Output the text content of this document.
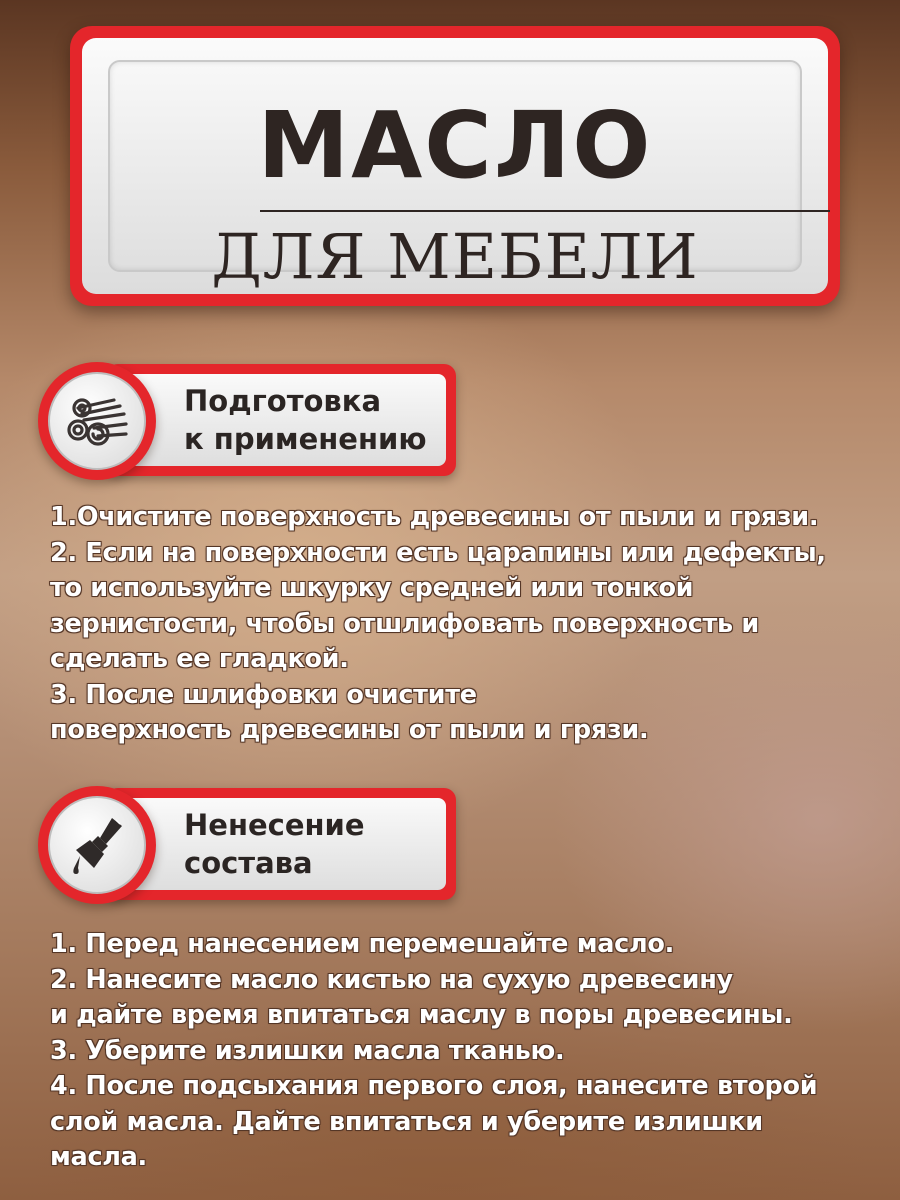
МАСЛО
ДЛЯ МЕБЕЛИ
Подготовка
к применению
1.Очистите поверхность древесины от пыли и грязи.
2. Если на поверхности есть царапины или дефекты,
то используйте шкурку средней или тонкой
зернистости, чтобы отшлифовать поверхность и
сделать ее гладкой.
3. После шлифовки очистите
поверхность древесины от пыли и грязи.
Ненесение
состава
1. Перед нанесением перемешайте масло.
2. Нанесите масло кистью на сухую древесину
и дайте время впитаться маслу в поры древесины.
3. Уберите излишки масла тканью.
4. После подсыхания первого слоя, нанесите второй
слой масла. Дайте впитаться и уберите излишки
масла.
